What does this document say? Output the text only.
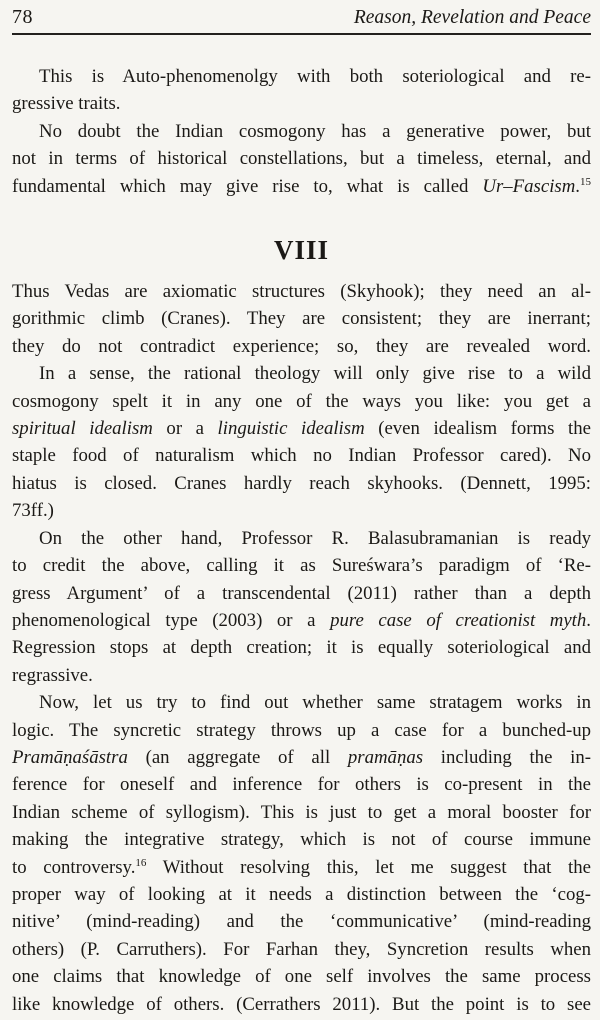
78	Reason, Revelation and Peace
This is Auto-phenomenolgy with both soteriological and re-
gressive traits.
No doubt the Indian cosmogony has a generative power, but
not in terms of historical constellations, but a timeless, eternal, and
fundamental which may give rise to, what is called Ur–Fascism.$^{15}$
VIII
Thus Vedas are axiomatic structures (Skyhook); they need an al-
gorithmic climb (Cranes). They are consistent; they are inerrant;
they do not contradict experience; so, they are revealed word.
In a sense, the rational theology will only give rise to a wild
cosmogony spelt it in any one of the ways you like: you get a
spiritual idealism or a linguistic idealism (even idealism forms the
staple food of naturalism which no Indian Professor cared). No
hiatus is closed. Cranes hardly reach skyhooks. (Dennett, 1995:
73ff.)
On the other hand, Professor R. Balasubramanian is ready
to credit the above, calling it as Sureśwara’s paradigm of ‘Re-
gress Argument’ of a transcendental (2011) rather than a depth
phenomenological type (2003) or a pure case of creationist myth.
Regression stops at depth creation; it is equally soteriological and
regrassive.
Now, let us try to find out whether same stratagem works in
logic. The syncretic strategy throws up a case for a bunched-up
Pramāṇaśāstra (an aggregate of all pramāṇas including the in-
ference for oneself and inference for others is co-present in the
Indian scheme of syllogism). This is just to get a moral booster for
making the integrative strategy, which is not of course immune
to controversy.$^{16}$ Without resolving this, let me suggest that the
proper way of looking at it needs a distinction between the ‘cog-
nitive’ (mind-reading) and the ‘communicative’ (mind-reading
others) (P. Carruthers). For Farhan they, Syncretion results when
one claims that knowledge of one self involves the same process
like knowledge of others. (Cerrathers 2011). But the point is to see
